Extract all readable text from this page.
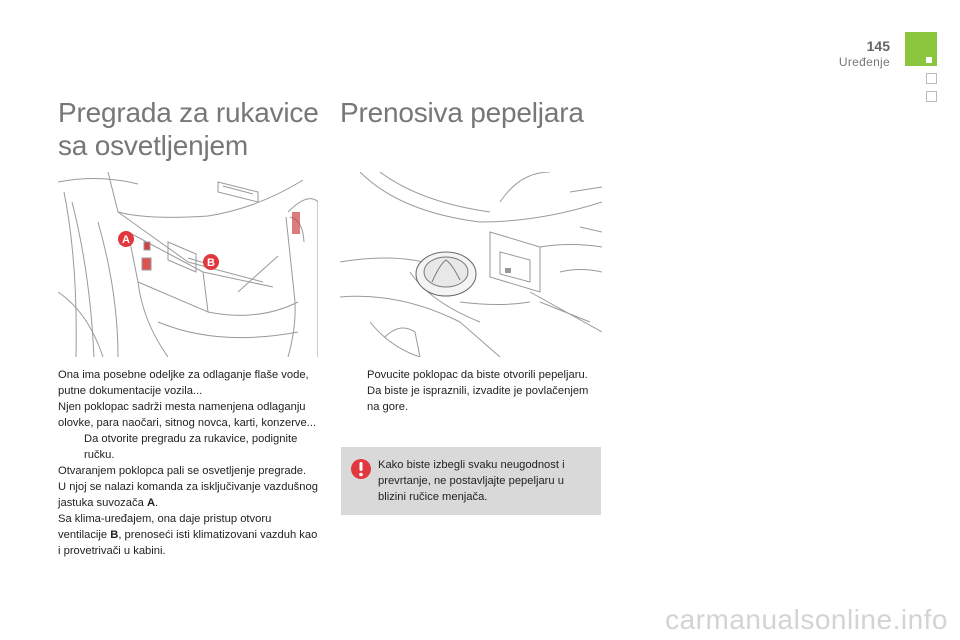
145
Uređenje
Pregrada za rukavice
sa osvetljenjem
Prenosiva pepeljara
A
B

Ona ima posebne odeljke za odlaganje flaše vode, putne dokumentacije vozila...

Njen poklopac sadrži mesta namenjena odlaganju olovke, para naočari, sitnog novca, karti, konzerve...

Da otvorite pregradu za rukavice, podignite ručku.

Otvaranjem poklopca pali se osvetljenje pregrade.

U njoj se nalazi komanda za isključivanje vazdušnog jastuka suvozača A.

Sa klima-uređajem, ona daje pristup otvoru ventilacije B, prenoseći isti klimatizovani vazduh kao i provetrivači u kabini.

Povucite poklopac da biste otvorili pepeljaru.

Da biste je ispraznili, izvadite je povlačenjem na gore.

Kako biste izbegli svaku neugodnost i prevrtanje, ne postavljajte pepeljaru u blizini ručice menjača.
carmanualsonline.info
